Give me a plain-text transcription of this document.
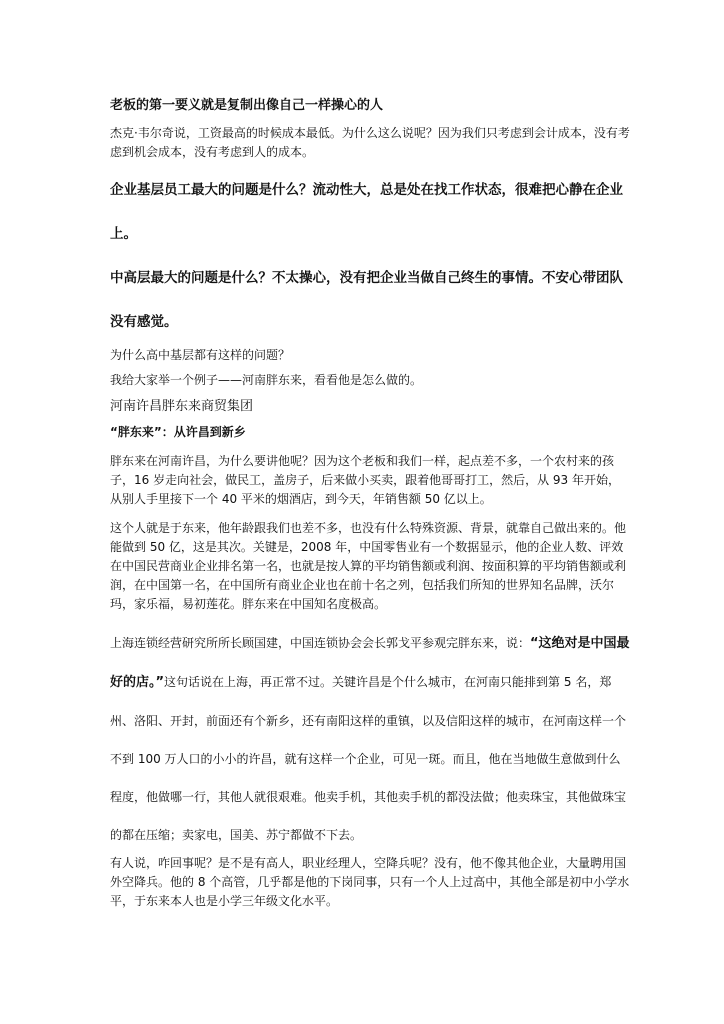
老板的第一要义就是复制出像自己一样操心的人
杰克·韦尔奇说，工资最高的时候成本最低。为什么这么说呢？因为我们只考虑到会计成本，没有考虑到机会成本，没有考虑到人的成本。
企业基层员工最大的问题是什么？流动性大，总是处在找工作状态，很难把心静在企业上。
中高层最大的问题是什么？不太操心，没有把企业当做自己终生的事情。不安心带团队没有感觉。
为什么高中基层都有这样的问题？
我给大家举一个例子——河南胖东来，看看他是怎么做的。
河南许昌胖东来商贸集团
“胖东来”：从许昌到新乡
胖东来在河南许昌，为什么要讲他呢？因为这个老板和我们一样，起点差不多，一个农村来的孩子，16 岁走向社会，做民工，盖房子，后来做小买卖，跟着他哥哥打工，然后，从 93 年开始，从别人手里接下一个 40 平米的烟酒店，到今天，年销售额 50 亿以上。
这个人就是于东来，他年龄跟我们也差不多，也没有什么特殊资源、背景，就靠自己做出来的。他能做到 50 亿，这是其次。关键是，2008 年，中国零售业有一个数据显示，他的企业人数、评效在中国民营商业企业排名第一名，也就是按人算的平均销售额或利润、按面积算的平均销售额或利润，在中国第一名，在中国所有商业企业也在前十名之列，包括我们所知的世界知名品牌，沃尔玛，家乐福，易初莲花。胖东来在中国知名度极高。
上海连锁经营研究所所长顾国建，中国连锁协会会长郭戈平参观完胖东来，说：“这绝对是中国最好的店。”这句话说在上海，再正常不过。关键许昌是个什么城市，在河南只能排到第 5 名，郑州、洛阳、开封，前面还有个新乡，还有南阳这样的重镇，以及信阳这样的城市，在河南这样一个不到 100 万人口的小小的许昌，就有这样一个企业，可见一斑。而且，他在当地做生意做到什么程度，他做哪一行，其他人就很艰难。他卖手机，其他卖手机的都没法做；他卖珠宝，其他做珠宝的都在压缩；卖家电，国美、苏宁都做不下去。
有人说，咋回事呢？是不是有高人，职业经理人，空降兵呢？没有，他不像其他企业，大量聘用国外空降兵。他的 8 个高管，几乎都是他的下岗同事，只有一个人上过高中，其他全部是初中小学水平，于东来本人也是小学三年级文化水平。
